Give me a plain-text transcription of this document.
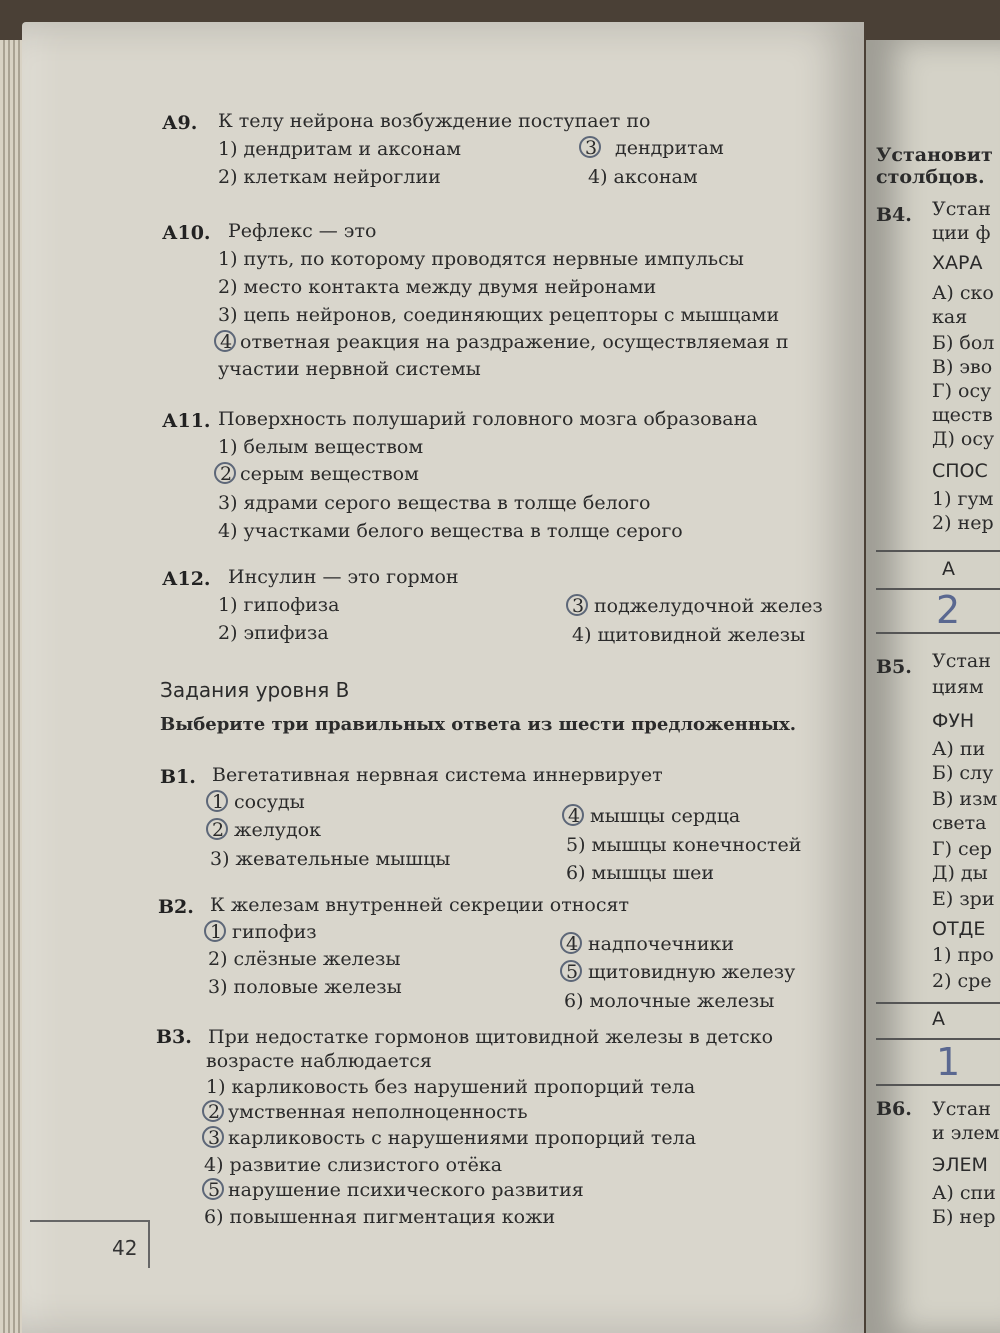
Установит
столбцов.
В4. Устан
ции ф
ХАРА
А) ско
кая
Б) бол
В) эво
Г) осу
ществ
Д) осу
СПОС
1) гум
2) нер
А
2
В5. Устан
циям
ФУН
А) пи
Б) слу
В) изм
света
Г) сер
Д) ды
Е) зри
ОТДЕ
1) про
2) сре
А
1
В6. Устан
и элем
ЭЛЕМ
А) спи
Б) нер
А9. К телу нейрона возбуждение поступает по
1) дендритам и аксонам
2) клеткам нейроглии
3 дендритам
4) аксонам
А10. Рефлекс — это
1) путь, по которому проводятся нервные импульсы
2) место контакта между двумя нейронами
3) цепь нейронов, соединяющих рецепторы с мышцами
4 ответная реакция на раздражение, осуществляемая п
участии нервной системы
А11. Поверхность полушарий головного мозга образована
1) белым веществом
2 серым веществом
3) ядрами серого вещества в толще белого
4) участками белого вещества в толще серого
А12. Инсулин — это гормон
1) гипофиза
2) эпифиза
3 поджелудочной желез
4) щитовидной железы
Задания уровня В
Выберите три правильных ответа из шести предложенных.
В1. Вегетативная нервная система иннервирует
1 сосуды
2 желудок
3) жевательные мышцы
4 мышцы сердца
5) мышцы конечностей
6) мышцы шеи
В2. К железам внутренней секреции относят
1 гипофиз
2) слёзные железы
3) половые железы
4 надпочечники
5 щитовидную железу
6) молочные железы
В3. При недостатке гормонов щитовидной железы в детско
возрасте наблюдается
1) карликовость без нарушений пропорций тела
2 умственная неполноценность
3 карликовость с нарушениями пропорций тела
4) развитие слизистого отёка
5 нарушение психического развития
6) повышенная пигментация кожи
42
